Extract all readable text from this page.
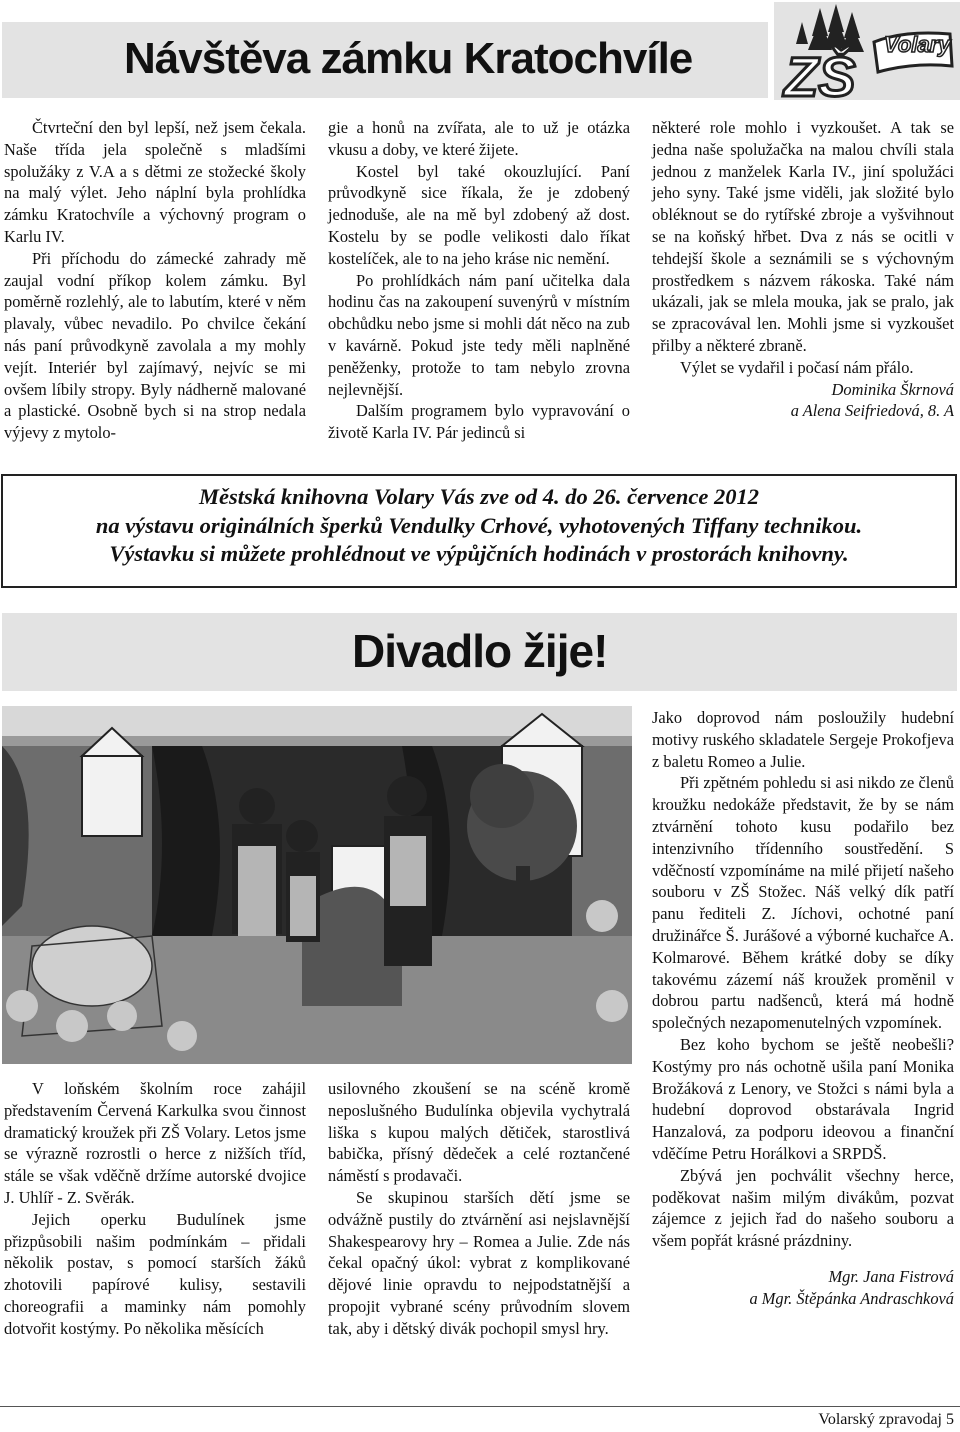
Návštěva zámku Kratochvíle ZŠ
Volary

Čtvrteční den byl lepší, než jsem čekala. Naše třída jela společně s mladšími spolužáky z V.A a s dětmi ze stožecké školy na malý výlet. Jeho náplní byla prohlídka zámku Kratochvíle a výchovný program o Karlu IV.

Při příchodu do zámecké zahrady mě zaujal vodní příkop kolem zámku. Byl poměrně rozlehlý, ale to labutím, které v něm plavaly, vůbec nevadilo. Po chvilce čekání nás paní průvodkyně zavolala a my mohly vejít. Interiér byl zajímavý, nejvíc se mi ovšem líbily stropy. Byly nádherně malované a plastické. Osobně bych si na strop nedala výjevy z mytolo-

gie a honů na zvířata, ale to už je otázka vkusu a doby, ve které žijete.

Kostel byl také okouzlující. Paní průvodkyně sice říkala, že je zdobený jednoduše, ale na mě byl zdobený až dost. Kostelu by se podle velikosti dalo říkat kostelíček, ale to na jeho kráse nic nemění.

Po prohlídkách nám paní učitelka dala hodinu čas na zakoupení suvenýrů v místním obchůdku nebo jsme si mohli dát něco na zub v kavárně. Pokud jste tedy měli naplněné peněženky, protože to tam nebylo zrovna nejlevnější.

Dalším programem bylo vypravování o životě Karla IV. Pár jedinců si

některé role mohlo i vyzkoušet. A tak se jedna naše spolužačka na malou chvíli stala jednou z manželek Karla IV., jiní spolužáci jeho syny. Také jsme viděli, jak složité bylo obléknout se do rytířské zbroje a vyšvihnout se na koňský hřbet. Dva z nás se ocitli v tehdejší škole a seznámili se s výchovným prostředkem s názvem rákoska. Také nám ukázali, jak se mlela mouka, jak se pralo, jak se zpracovával len. Mohli jsme si vyzkoušet přilby a některé zbraně.

Výlet se vydařil i počasí nám přálo.

Dominika Škrnová

a Alena Seifriedová, 8. A

Městská knihovna Volary Vás zve od 4. do 26. července 2012
na výstavu originálních šperků Vendulky Crhové, vyhotovených Tiffany technikou.
Výstavku si můžete prohlédnout ve výpůjčních hodinách v prostorách knihovny.
Divadlo žije!

V loňském školním roce zahájil představením Červená Karkulka svou činnost dramatický kroužek při ZŠ Volary. Letos jsme se výrazně rozrostli o herce z nižších tříd, stále se však vděčně držíme autorské dvojice J. Uhlíř - Z. Svěrák.

Jejich operku Budulínek jsme přizpůsobili našim podmínkám – přidali několik postav, s pomocí starších žáků zhotovili papírové kulisy, sestavili choreografii a maminky nám pomohly dotvořit kostýmy. Po několika měsících

usilovného zkoušení se na scéně kromě neposlušného Budulínka objevila vychytralá liška s kupou malých dětiček, starostlivá babička, přísný dědeček a celé roztančené náměstí s prodavači.

Se skupinou starších dětí jsme se odvážně pustily do ztvárnění asi nejslavnější Shakespearovy hry – Romea a Julie. Zde nás čekal opačný úkol: vybrat z komplikované dějové linie opravdu to nejpodstatnější a propojit vybrané scény průvodním slovem tak, aby i dětský divák pochopil smysl hry.

Jako doprovod nám posloužily hudební motivy ruského skladatele Sergeje Prokofjeva z baletu Romeo a Julie.

Při zpětném pohledu si asi nikdo ze členů kroužku nedokáže představit, že by se nám ztvárnění tohoto kusu podařilo bez intenzivního třídenního soustředění. S vděčností vzpomínáme na milé přijetí našeho souboru v ZŠ Stožec. Náš velký dík patří panu řediteli Z. Jíchovi, ochotné paní družinářce Š. Jurášové a výborné kuchařce A. Kolmarové. Během krátké doby se díky takovému zázemí náš kroužek proměnil v dobrou partu nadšenců, která má hodně společných nezapomenutelných vzpomínek.

Bez koho bychom se ještě neobešli? Kostýmy pro nás ochotně ušila paní Monika Brožáková z Lenory, ve Stožci s námi byla a hudební doprovod obstarávala Ingrid Hanzalová, za podporu ideovou a finanční vděčíme Petru Horálkovi a SRPDŠ.

Zbývá jen pochválit všechny herce, poděkovat našim milým divákům, pozvat zájemce z jejich řad do našeho souboru a všem popřát krásné prázdniny.

Mgr. Jana Fistrová

a Mgr. Štěpánka Andraschková

Volarský zpravodaj 5
